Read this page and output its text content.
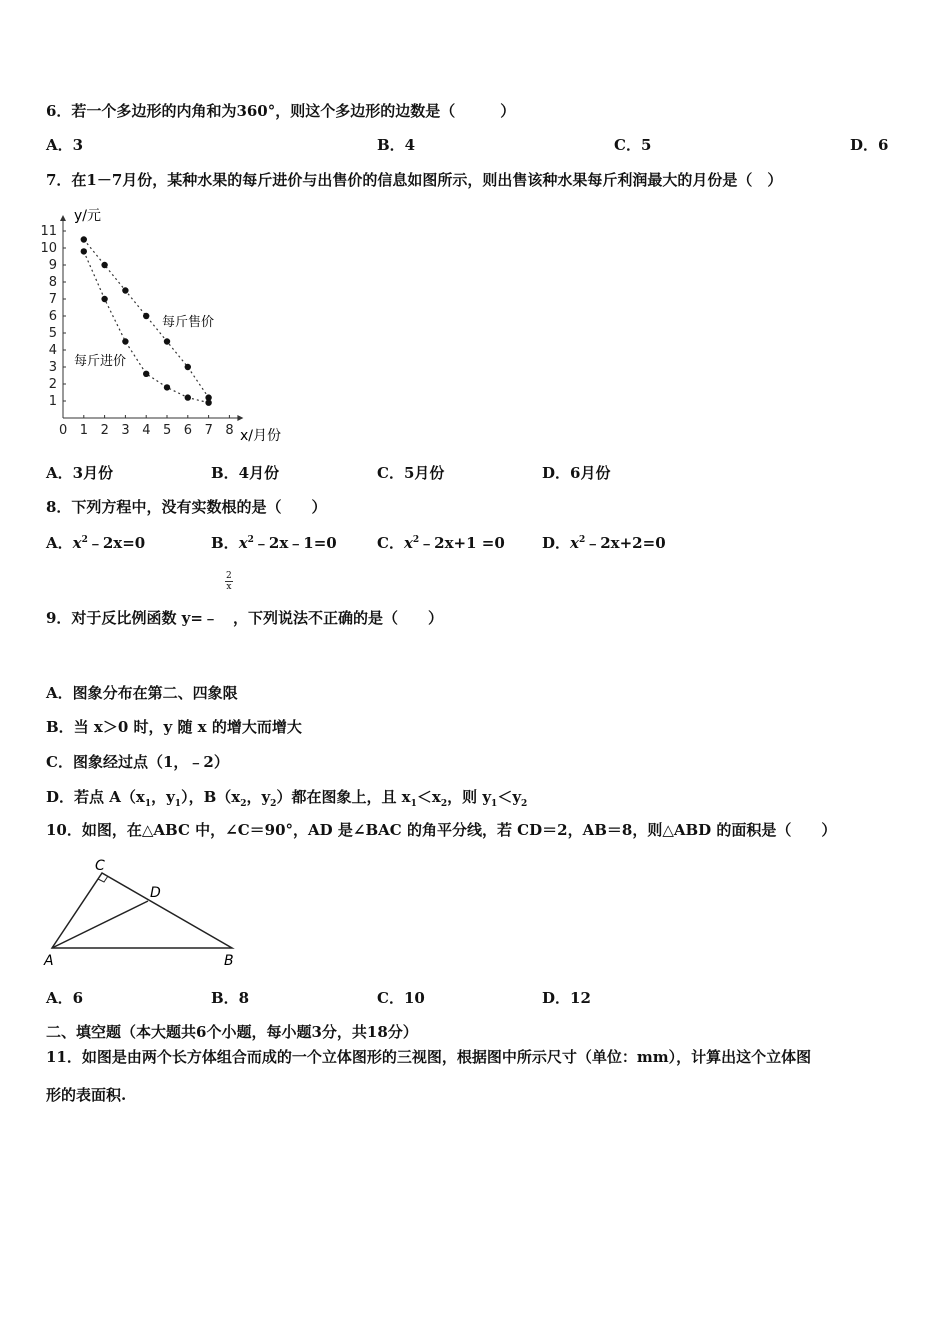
6．若一个多边形的内角和为360°，则这个多边形的边数是（　　　）
A．3	B．4	C．5	D．6
7．在1－7月份，某种水果的每斤进价与出售价的信息如图所示，则出售该种水果每斤利润最大的月份是（　）
0 1 2 3 4 5 6 7 8
1
2
3
4
5
6
7
8
9
10
11
y/元
x/月份
每斤售价
每斤进价
A．3月份	B．4月份	C．5月份	D．6月份
8．下列方程中，没有实数根的是（　　）
A．$x^2﹣2x=0$	B．$x^2﹣2x﹣1=0$	C．$x^2﹣2x+1 =0$ D．$x^2﹣2x+2=0$
$\frac{2}{x}$
9．对于反比例函数 y=﹣　，下列说法不正确的是（　　）
A．图象分布在第二、四象限
B．当 x＞0 时，y 随 x 的增大而增大
C．图象经过点（1，﹣2）
D．若点 $A(x_1$，$y_1$），$B(x_2$，$y_2$）都在图象上，且 $x_1<x_2$，则 $y_1<y_2$
10．如图，在△ABC 中，∠C＝90°，AD 是∠BAC 的角平分线，若 CD＝2，AB＝8，则△ABD 的面积是（　　）
C
D
A	B
A．6	B．8	C．10	D．12
二、填空题（本大题共6个小题，每小题3分，共18分）
11．如图是由两个长方体组合而成的一个立体图形的三视图，根据图中所示尺寸（单位：mm），计算出这个立体图
形的表面积.
